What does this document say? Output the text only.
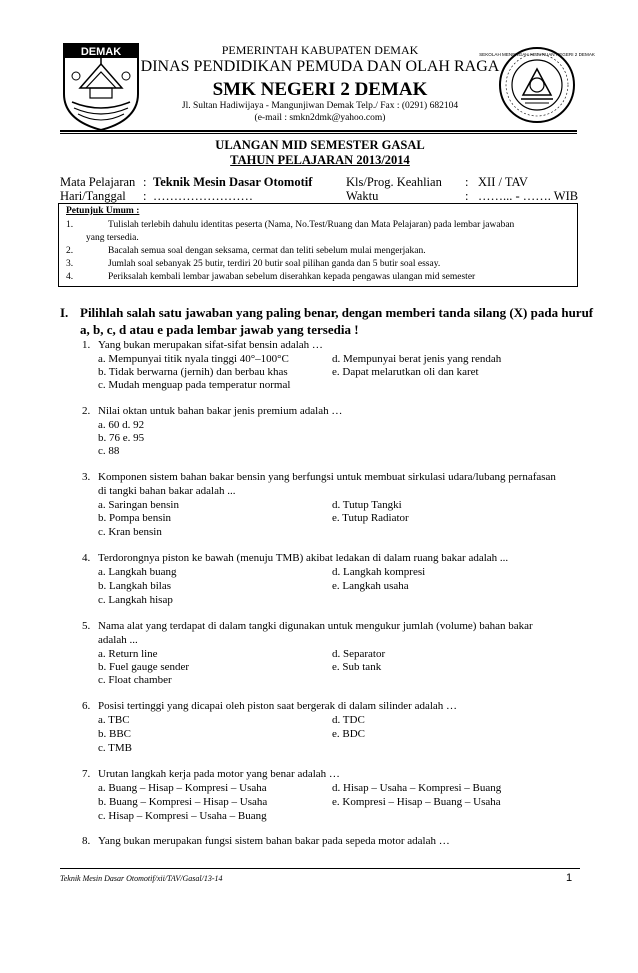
DEMAK	SEKOLAH MENENGAH KEJURUAN NEGERI 2 DEMAK
PEMERINTAH KABUPATEN DEMAK
DINAS PENDIDIKAN PEMUDA DAN OLAH RAGA
SMK NEGERI 2 DEMAK
Jl. Sultan Hadiwijaya - Mangunjiwan Demak Telp./ Fax : (0291) 682104
(e-mail : smkn2dmk@yahoo.com)
ULANGAN MID SEMESTER GASAL
TAHUN PELAJARAN 2013/2014
Mata Pelajaran : Teknik Mesin Dasar Otomotif	Kls/Prog. Keahlian : XII / TAV
Hari/Tanggal : ……………………	Waktu	: ……... - ……. WIB
Petunjuk Umum :
1.	Tulislah terlebih dahulu identitas peserta (Nama, No.Test/Ruang dan Mata Pelajaran) pada lembar jawaban
yang tersedia.
2.	Bacalah semua soal dengan seksama, cermat dan teliti sebelum mulai mengerjakan.
3.	Jumlah soal sebanyak 25 butir, terdiri 20 butir soal pilihan ganda dan 5 butir soal essay.
4.	Periksalah kembali lembar jawaban sebelum diserahkan kepada pengawas ulangan mid semester
I. Pilihlah salah satu jawaban yang paling benar, dengan memberi tanda silang (X) pada huruf
a, b, c, d atau e pada lembar jawab yang tersedia !
1. Yang bukan merupakan sifat-sifat bensin adalah …
a. Mempunyai titik nyala tinggi 40°–100°C	d. Mempunyai berat jenis yang rendah
b. Tidak berwarna (jernih) dan berbau khas	e. Dapat melarutkan oli dan karet
c. Mudah menguap pada temperatur normal
2. Nilai oktan untuk bahan bakar jenis premium adalah …
a. 60 d. 92
b. 76 e. 95
c. 88
3. Komponen sistem bahan bakar bensin yang berfungsi untuk membuat sirkulasi udara/lubang pernafasan
di tangki bahan bakar adalah ...
a. Saringan bensin	d. Tutup Tangki
b. Pompa bensin	e. Tutup Radiator
c. Kran bensin
4. Terdorongnya piston ke bawah (menuju TMB) akibat ledakan di dalam ruang bakar adalah ...
a. Langkah buang	d. Langkah kompresi
b. Langkah bilas	e. Langkah usaha
c. Langkah hisap
5. Nama alat yang terdapat di dalam tangki digunakan untuk mengukur jumlah (volume) bahan bakar
adalah ...
a. Return line	d. Separator
b. Fuel gauge sender	e. Sub tank
c. Float chamber
6. Posisi tertinggi yang dicapai oleh piston saat bergerak di dalam silinder adalah …
a. TBC	d. TDC
b. BBC	e. BDC
c. TMB
7. Urutan langkah kerja pada motor yang benar adalah …
a. Buang – Hisap – Kompresi – Usaha	d. Hisap – Usaha – Kompresi – Buang
b. Buang – Kompresi – Hisap – Usaha	e. Kompresi – Hisap – Buang – Usaha
c. Hisap – Kompresi – Usaha – Buang
8. Yang bukan merupakan fungsi sistem bahan bakar pada sepeda motor adalah …
Teknik Mesin Dasar Otomotif/xii/TAV/Gasal/13-14	1
